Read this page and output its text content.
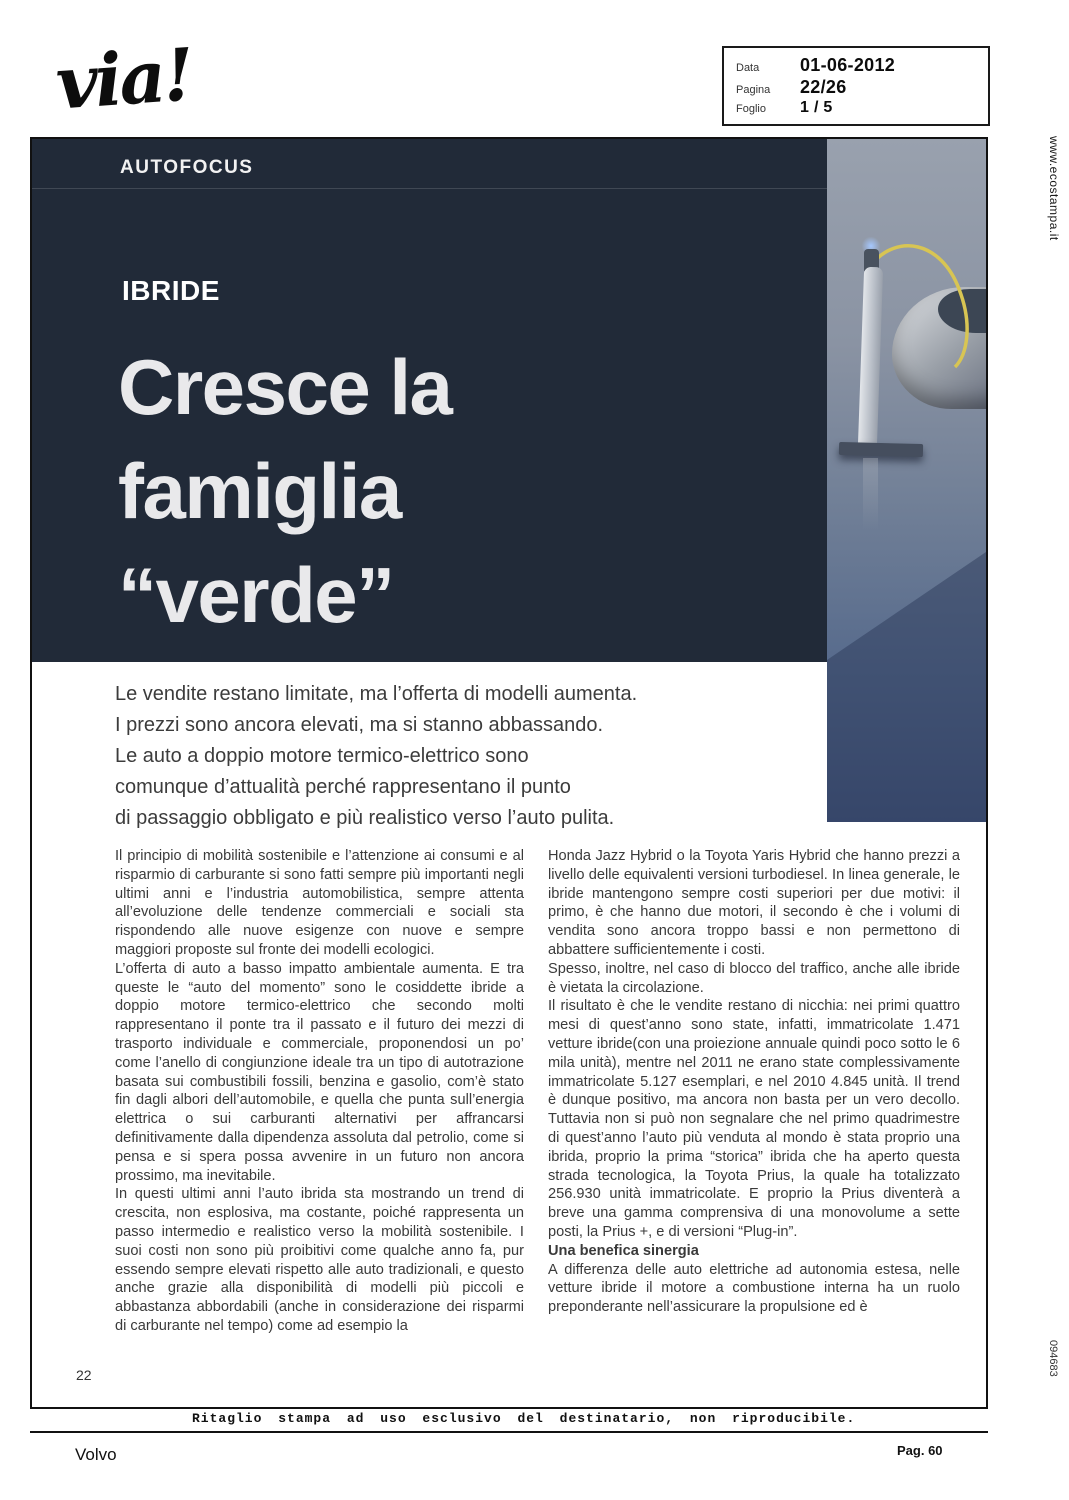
via!	Data	01-06-2012
Pagina	22/26
Foglio	1 / 5
www.ecostampa.it
094683
AUTOFOCUS
IBRIDE
Cresce la
famiglia
“verde”
Le vendite restano limitate, ma l’offerta di modelli aumenta.
I prezzi sono ancora elevati, ma si stanno abbassando.
Le auto a doppio motore termico-elettrico sono
comunque d’attualità perché rappresentano il punto
di passaggio obbligato e più realistico verso l’auto pulita.

Il principio di mobilità sostenibile e l’attenzione ai consumi e al risparmio di carburante si sono fatti sempre più importanti negli ultimi anni e l’industria automobilistica, sempre attenta all’evoluzione delle tendenze commerciali e sociali sta rispondendo alle nuove esigenze con nuove e sempre maggiori proposte sul fronte dei modelli ecologici.

L’offerta di auto a basso impatto ambientale aumenta. E tra queste le “auto del momento” sono le cosiddette ibride a doppio motore termico-elettrico che secondo molti rappresentano il ponte tra il passato e il futuro dei mezzi di trasporto individuale e commerciale, proponendosi un po’ come l’anello di congiunzione ideale tra un tipo di autotrazione basata sui combustibili fossili, benzina e gasolio, com’è stato fin dagli albori dell’automobile, e quella che punta sull’energia elettrica o sui carburanti alternativi per affrancarsi definitivamente dalla dipendenza assoluta dal petrolio, come si pensa e si spera possa avvenire in un futuro non ancora prossimo, ma inevitabile.

In questi ultimi anni l’auto ibrida sta mostrando un trend di crescita, non esplosiva, ma costante, poiché rappresenta un passo intermedio e realistico verso la mobilità sostenibile. I suoi costi non sono più proibitivi come qualche anno fa, pur essendo sempre elevati rispetto alle auto tradizionali, e questo anche grazie alla disponibilità di modelli più piccoli e abbastanza abbordabili (anche in considerazione dei risparmi di carburante nel tempo) come ad esempio la

Honda Jazz Hybrid o la Toyota Yaris Hybrid che hanno prezzi a livello delle equivalenti versioni turbodiesel. In linea generale, le ibride mantengono sempre costi superiori per due motivi: il primo, è che hanno due motori, il secondo è che i volumi di vendita sono ancora troppo bassi e non permettono di abbattere sufficientemente i costi.

Spesso, inoltre, nel caso di blocco del traffico, anche alle ibride è vietata la circolazione.

Il risultato è che le vendite restano di nicchia: nei primi quattro mesi di quest’anno sono state, infatti, immatricolate 1.471 vetture ibride(con una proiezione annuale quindi poco sotto le 6 mila unità), mentre nel 2011 ne erano state complessivamente immatricolate 5.127 esemplari, e nel 2010 4.845 unità. Il trend è dunque positivo, ma ancora non basta per un vero decollo. Tuttavia non si può non segnalare che nel primo quadrimestre di quest’anno l’auto più venduta al mondo è stata proprio una ibrida, proprio la prima “storica” ibrida che ha aperto questa strada tecnologica, la Toyota Prius, la quale ha totalizzato 256.930 unità immatricolate. E proprio la Prius diventerà a breve una gamma comprensiva di una monovolume a sette posti, la Prius +, e di versioni “Plug-in”.

Una benefica sinergia

A differenza delle auto elettriche ad autonomia estesa, nelle vetture ibride il motore a combustione interna ha un ruolo preponderante nell’assicurare la propulsione ed è

22
Ritaglio stampa ad uso esclusivo del destinatario, non riproducibile.
Volvo	Pag. 60
